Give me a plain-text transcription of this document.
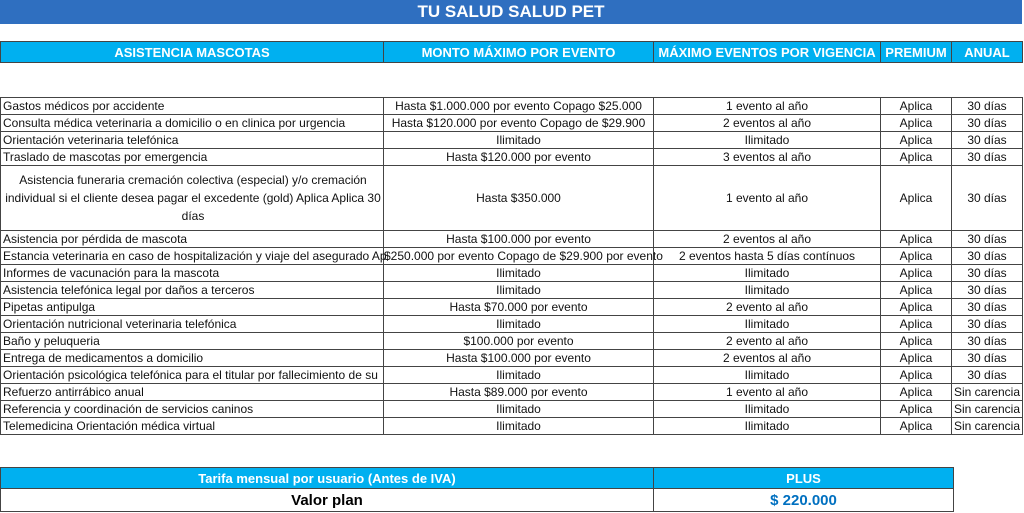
TU SALUD SALUD PET
ASISTENCIA MASCOTAS	MONTO MÁXIMO POR EVENTO	MÁXIMO EVENTOS POR VIGENCIA	PREMIUM	ANUAL
Gastos médicos por accidente	Hasta $1.000.000 por evento Copago $25.000	1 evento al año	Aplica	30 días
Consulta médica veterinaria a domicilio o en clinica por urgencia	Hasta $120.000 por evento Copago de $29.900	2 eventos al año	Aplica	30 días
Orientación veterinaria telefónica	Ilimitado	Ilimitado	Aplica	30 días
Traslado de mascotas por emergencia	Hasta $120.000 por evento	3 eventos al año	Aplica	30 días
Asistencia funeraria cremación colectiva (especial) y/o cremación individual si el cliente desea pagar el excedente (gold) Aplica Aplica 30 días	Hasta $350.000	1 evento al año	Aplica	30 días
Asistencia por pérdida de mascota	Hasta $100.000 por evento	2 eventos al año	Aplica	30 días
Estancia veterinaria en caso de hospitalización y viaje del asegurado Ap	$250.000 por evento Copago de $29.900 por evento	2 eventos hasta 5 días contínuos	Aplica	30 días
Informes de vacunación para la mascota	Ilimitado	Ilimitado	Aplica	30 días
Asistencia telefónica legal por daños a terceros	Ilimitado	Ilimitado	Aplica	30 días
Pipetas antipulga	Hasta $70.000 por evento	2 evento al año	Aplica	30 días
Orientación nutricional veterinaria telefónica	Ilimitado	Ilimitado	Aplica	30 días
Baño y peluqueria	$100.000 por evento	2 evento al año	Aplica	30 días
Entrega de medicamentos a domicilio	Hasta $100.000 por evento	2 eventos al año	Aplica	30 días
Orientación psicológica telefónica para el titular por fallecimiento de su	Ilimitado	Ilimitado	Aplica	30 días
Refuerzo antirrábico anual	Hasta $89.000 por evento	1 evento al año	Aplica	Sin carencia
Referencia y coordinación de servicios caninos	Ilimitado	Ilimitado	Aplica	Sin carencia
Telemedicina Orientación médica virtual	Ilimitado	Ilimitado	Aplica	Sin carencia
Tarifa mensual por usuario (Antes de IVA)	PLUS
Valor plan	$ 220.000
